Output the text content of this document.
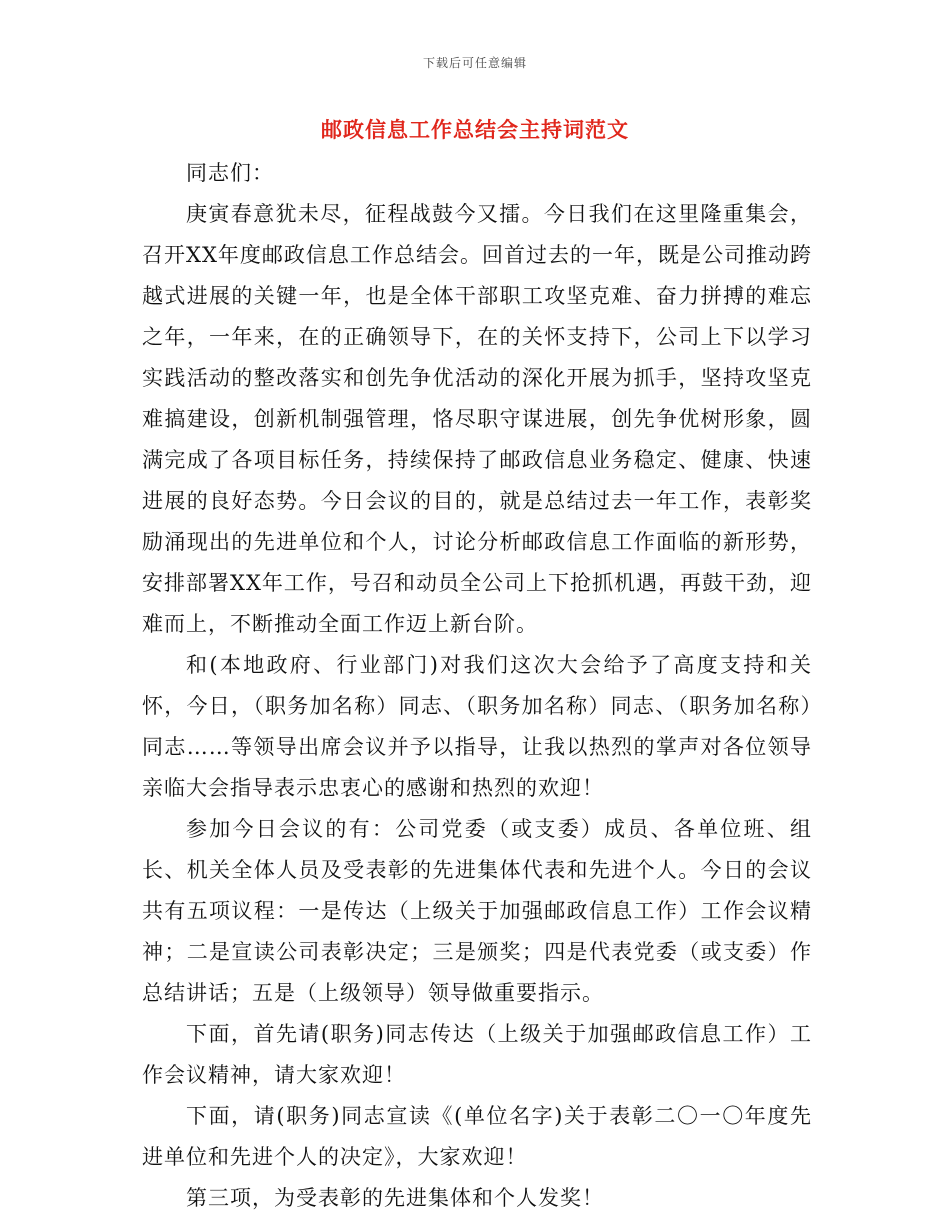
下载后可任意编辑
邮政信息工作总结会主持词范文

同志们：

庚寅春意犹未尽，征程战鼓今又擂。今日我们在这里隆重集会，召开XX年度邮政信息工作总结会。回首过去的一年，既是公司推动跨越式进展的关键一年，也是全体干部职工攻坚克难、奋力拼搏的难忘之年，一年来，在的正确领导下，在的关怀支持下，公司上下以学习实践活动的整改落实和创先争优活动的深化开展为抓手，坚持攻坚克难搞建设，创新机制强管理，恪尽职守谋进展，创先争优树形象，圆满完成了各项目标任务，持续保持了邮政信息业务稳定、健康、快速进展的良好态势。今日会议的目的，就是总结过去一年工作，表彰奖励涌现出的先进单位和个人，讨论分析邮政信息工作面临的新形势，安排部署XX年工作，号召和动员全公司上下抢抓机遇，再鼓干劲，迎难而上，不断推动全面工作迈上新台阶。

和(本地政府、行业部门)对我们这次大会给予了高度支持和关怀，今日，（职务加名称）同志、（职务加名称）同志、（职务加名称）同志……等领导出席会议并予以指导，让我以热烈的掌声对各位领导亲临大会指导表示忠衷心的感谢和热烈的欢迎！

参加今日会议的有：公司党委（或支委）成员、各单位班、组长、机关全体人员及受表彰的先进集体代表和先进个人。今日的会议共有五项议程：一是传达（上级关于加强邮政信息工作）工作会议精神；二是宣读公司表彰决定；三是颁奖；四是代表党委（或支委）作总结讲话；五是（上级领导）领导做重要指示。

下面，首先请(职务)同志传达（上级关于加强邮政信息工作）工作会议精神，请大家欢迎！

下面，请(职务)同志宣读《(单位名字)关于表彰二〇一〇年度先进单位和先进个人的决定》，大家欢迎！

第三项，为受表彰的先进集体和个人发奖！
